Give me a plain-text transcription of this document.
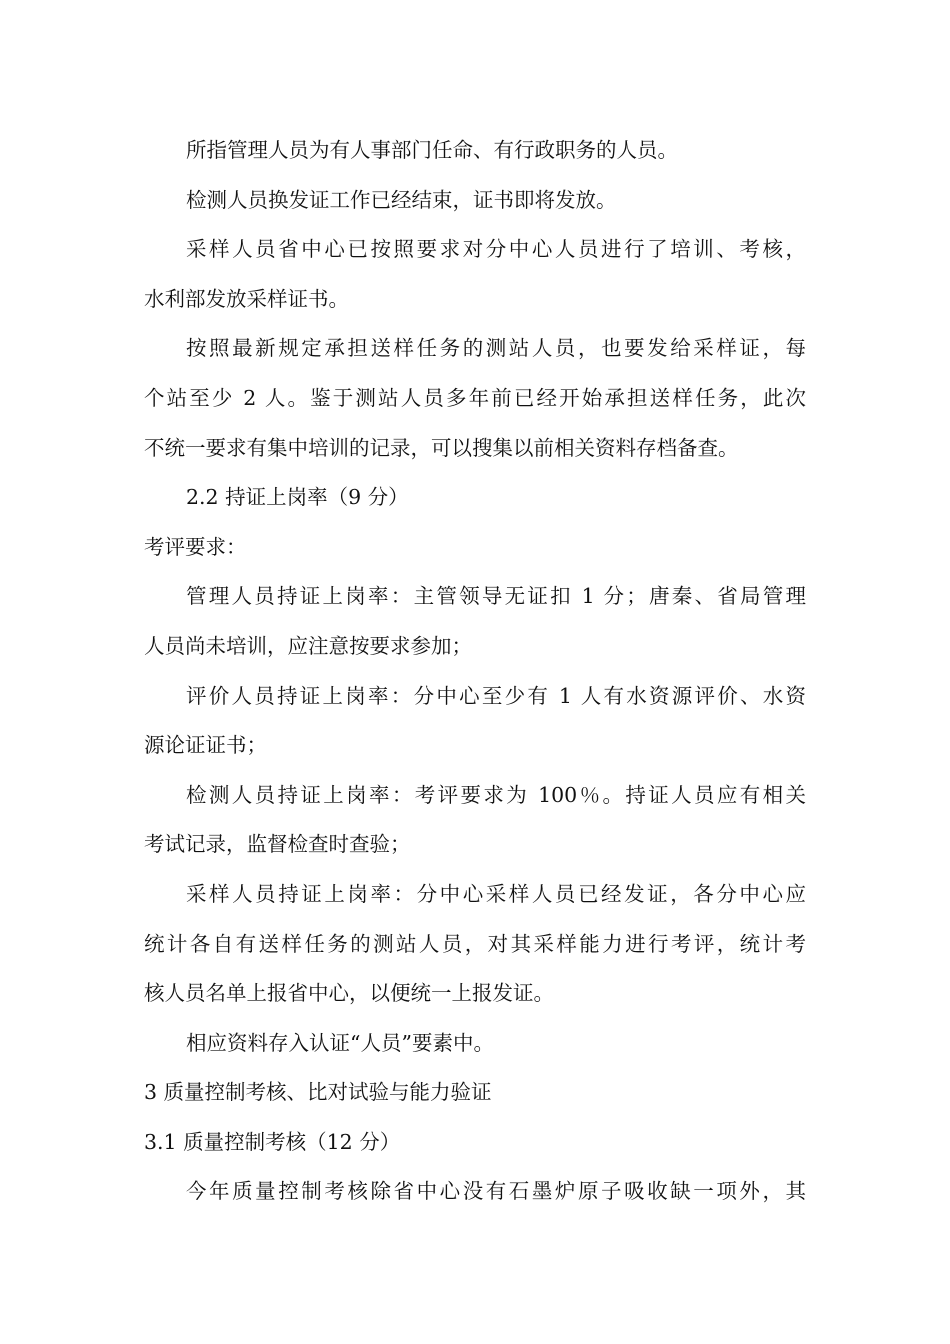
所指管理人员为有人事部门任命、有行政职务的人员。
检测人员换发证工作已经结束，证书即将发放。
采样人员省中心已按照要求对分中心人员进行了培训、考核，
水利部发放采样证书。
按照最新规定承担送样任务的测站人员，也要发给采样证，每
个站至少 2 人。鉴于测站人员多年前已经开始承担送样任务，此次
不统一要求有集中培训的记录，可以搜集以前相关资料存档备查。
2.2 持证上岗率（9 分）
考评要求：
管理人员持证上岗率：主管领导无证扣 1 分；唐秦、省局管理
人员尚未培训，应注意按要求参加；
评价人员持证上岗率：分中心至少有 1 人有水资源评价、水资
源论证证书；
检测人员持证上岗率：考评要求为 100％。持证人员应有相关
考试记录，监督检查时查验；
采样人员持证上岗率：分中心采样人员已经发证，各分中心应
统计各自有送样任务的测站人员，对其采样能力进行考评，统计考
核人员名单上报省中心，以便统一上报发证。
相应资料存入认证“人员”要素中。
3 质量控制考核、比对试验与能力验证
3.1 质量控制考核（12 分）
今年质量控制考核除省中心没有石墨炉原子吸收缺一项外，其
